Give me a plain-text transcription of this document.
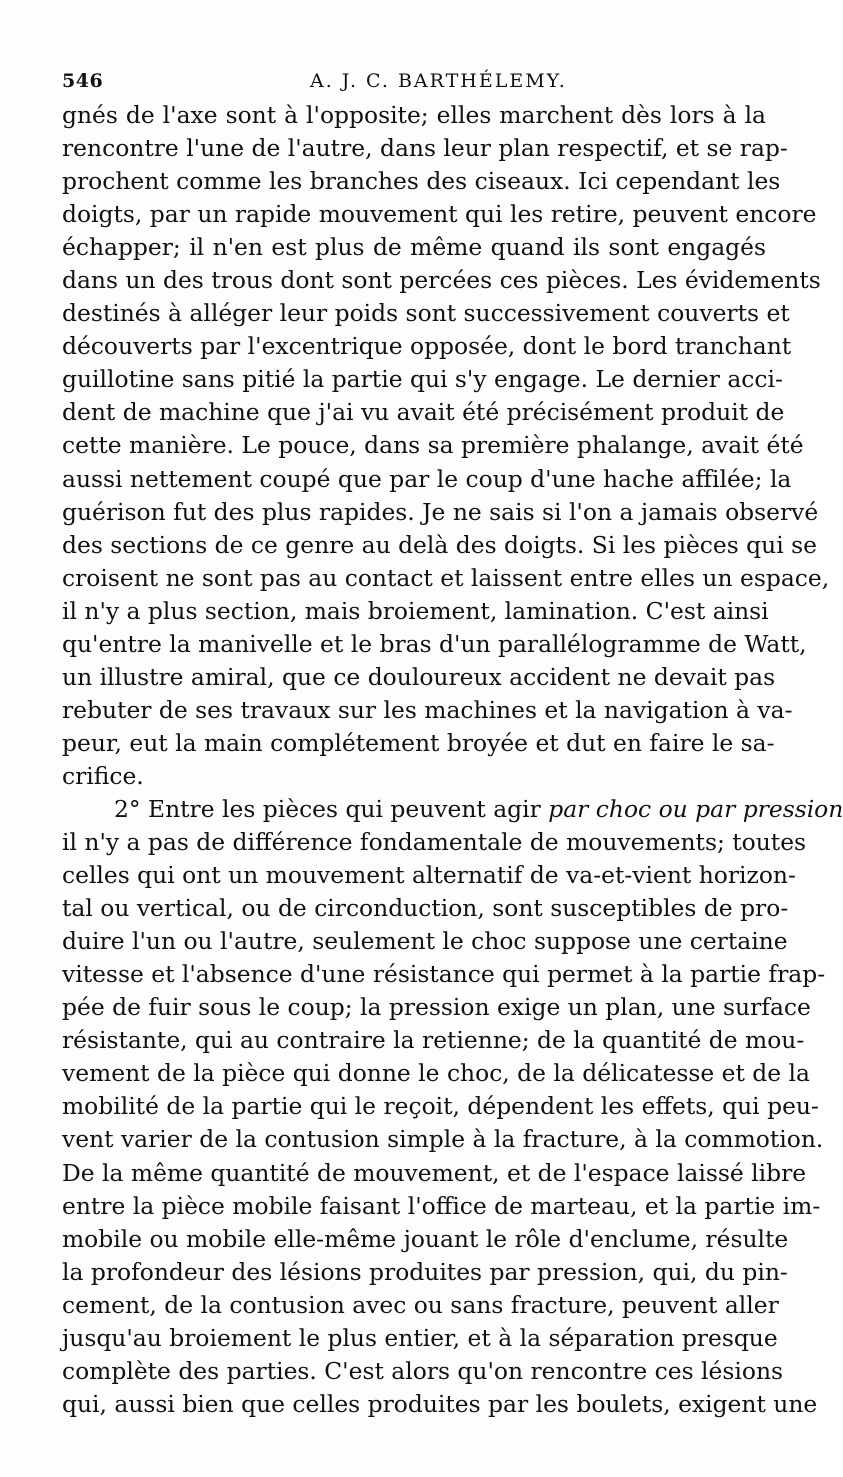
546	A. J. C. BARTHÉLEMY.
gnés de l'axe sont à l'opposite; elles marchent dès lors à la
rencontre l'une de l'autre, dans leur plan respectif, et se rap-
prochent comme les branches des ciseaux. Ici cependant les
doigts, par un rapide mouvement qui les retire, peuvent encore
échapper; il n'en est plus de même quand ils sont engagés
dans un des trous dont sont percées ces pièces. Les évidements
destinés à alléger leur poids sont successivement couverts et
découverts par l'excentrique opposée, dont le bord tranchant
guillotine sans pitié la partie qui s'y engage. Le dernier acci-
dent de machine que j'ai vu avait été précisément produit de
cette manière. Le pouce, dans sa première phalange, avait été
aussi nettement coupé que par le coup d'une hache affilée; la
guérison fut des plus rapides. Je ne sais si l'on a jamais observé
des sections de ce genre au delà des doigts. Si les pièces qui se
croisent ne sont pas au contact et laissent entre elles un espace,
il n'y a plus section, mais broiement, lamination. C'est ainsi
qu'entre la manivelle et le bras d'un parallélogramme de Watt,
un illustre amiral, que ce douloureux accident ne devait pas
rebuter de ses travaux sur les machines et la navigation à va-
peur, eut la main complétement broyée et dut en faire le sa-
crifice.
2° Entre les pièces qui peuvent agir par choc ou par pression
il n'y a pas de différence fondamentale de mouvements; toutes
celles qui ont un mouvement alternatif de va-et-vient horizon-
tal ou vertical, ou de circonduction, sont susceptibles de pro-
duire l'un ou l'autre, seulement le choc suppose une certaine
vitesse et l'absence d'une résistance qui permet à la partie frap-
pée de fuir sous le coup; la pression exige un plan, une surface
résistante, qui au contraire la retienne; de la quantité de mou-
vement de la pièce qui donne le choc, de la délicatesse et de la
mobilité de la partie qui le reçoit, dépendent les effets, qui peu-
vent varier de la contusion simple à la fracture, à la commotion.
De la même quantité de mouvement, et de l'espace laissé libre
entre la pièce mobile faisant l'office de marteau, et la partie im-
mobile ou mobile elle-même jouant le rôle d'enclume, résulte
la profondeur des lésions produites par pression, qui, du pin-
cement, de la contusion avec ou sans fracture, peuvent aller
jusqu'au broiement le plus entier, et à la séparation presque
complète des parties. C'est alors qu'on rencontre ces lésions
qui, aussi bien que celles produites par les boulets, exigent une
